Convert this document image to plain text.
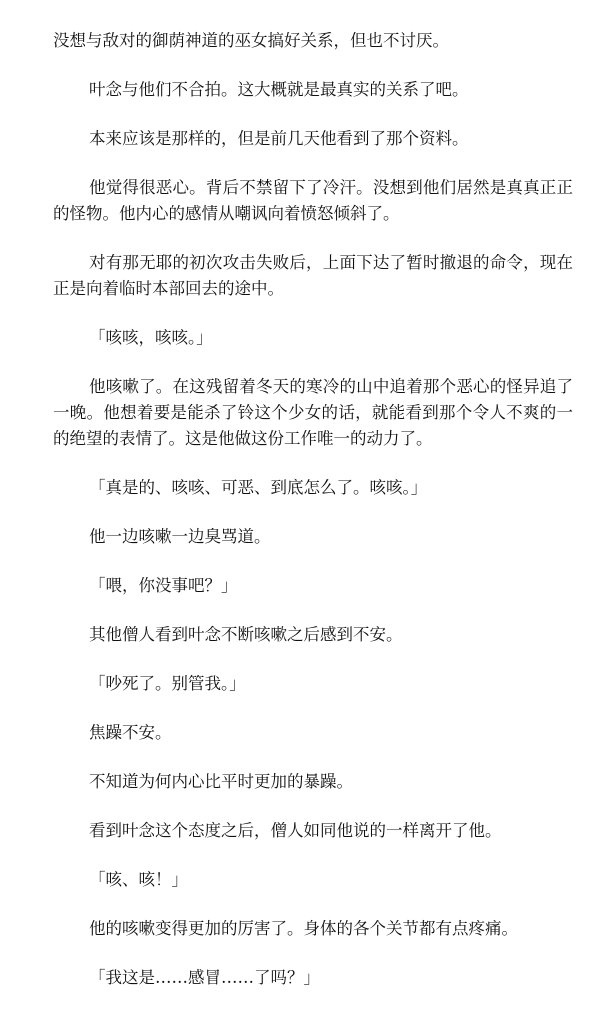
没想与敌对的御荫神道的巫女搞好关系，但也不讨厌。

叶念与他们不合拍。这大概就是最真实的关系了吧。

本来应该是那样的，但是前几天他看到了那个资料。

他觉得很恶心。背后不禁留下了冷汗。没想到他们居然是真真正正的怪物。他内心的感情从嘲讽向着愤怒倾斜了。

对有那无耶的初次攻击失败后，上面下达了暂时撤退的命令，现在正是向着临时本部回去的途中。

「咳咳，咳咳。」

他咳嗽了。在这残留着冬天的寒冷的山中追着那个恶心的怪异追了一晚。他想着要是能杀了铃这个少女的话，就能看到那个令人不爽的一的绝望的表情了。这是他做这份工作唯一的动力了。

「真是的、咳咳、可恶、到底怎么了。咳咳。」

他一边咳嗽一边臭骂道。

「喂，你没事吧？」

其他僧人看到叶念不断咳嗽之后感到不安。

「吵死了。别管我。」

焦躁不安。

不知道为何内心比平时更加的暴躁。

看到叶念这个态度之后，僧人如同他说的一样离开了他。

「咳、咳！」

他的咳嗽变得更加的厉害了。身体的各个关节都有点疼痛。

「我这是……感冒……了吗？」
